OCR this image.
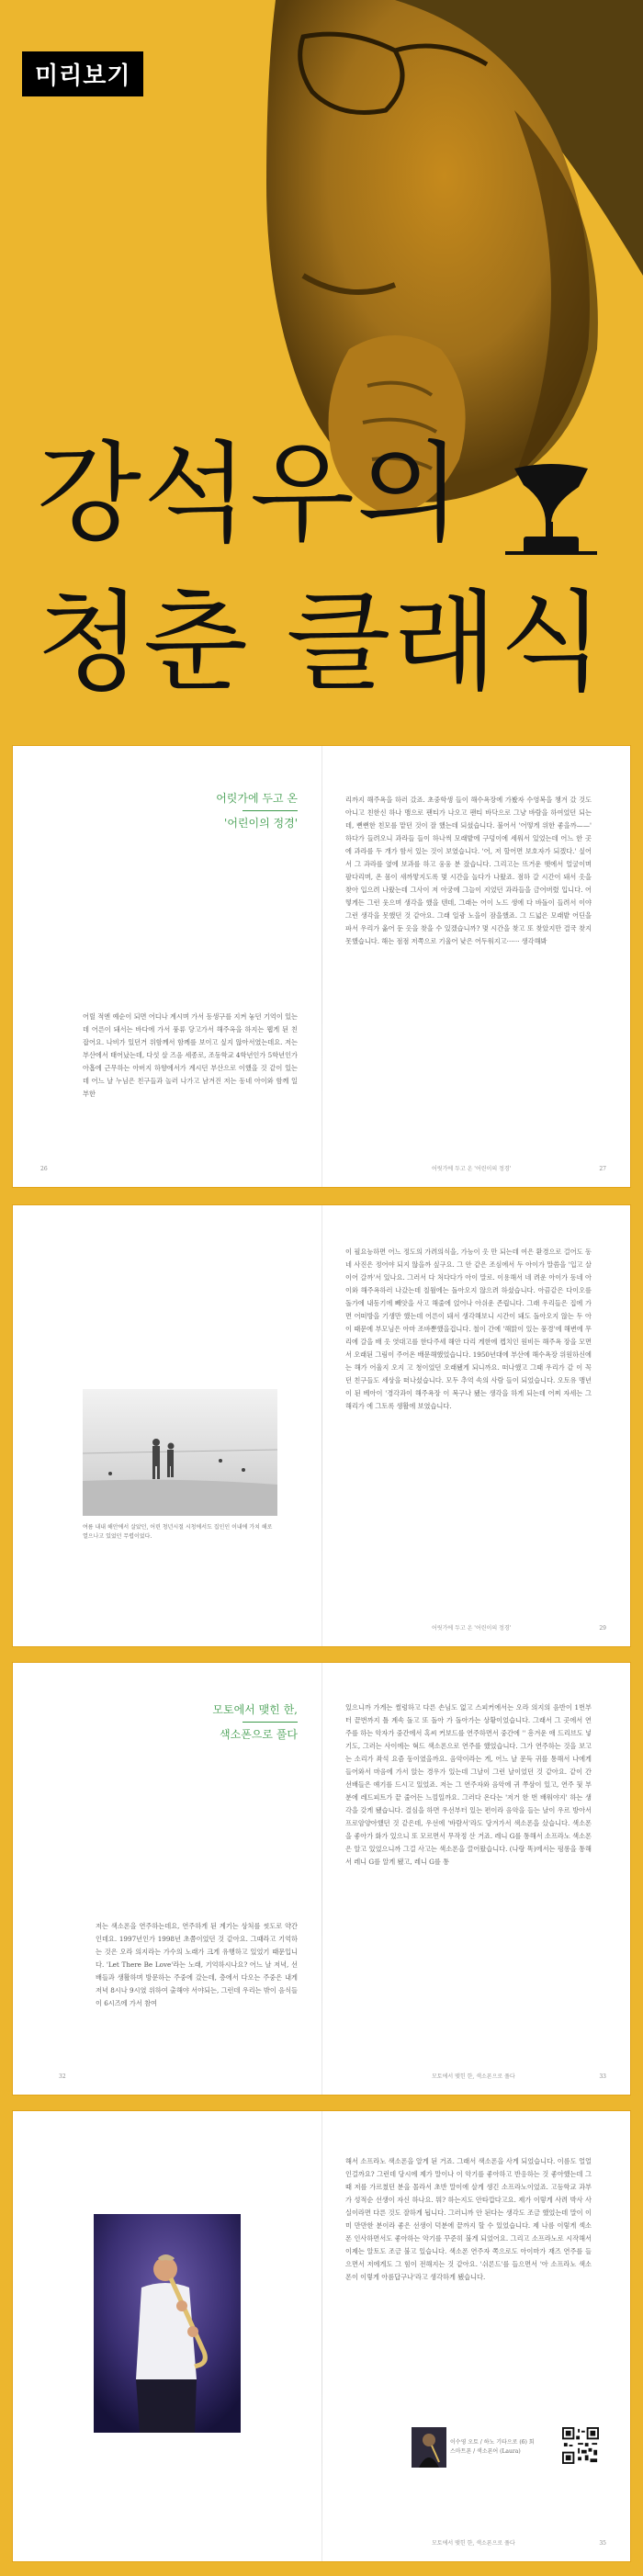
미리보기
강석우의
청춘 클래식
어릿가에 두고 온
'어린이의 정경'

어릴 적엔 예순이 되면 어디나 계시며 가서 동생구를 지켜 놓던 기억이 있는데 어른이 돼서는 바다에 가서 풍류 당고가서 해주옥을 하지는 웹게 된 친 잡어요. 나비가 있던거 위함께서 함께를 보이고 싶지 않아서였는데요. 저는 부산에서 태어났는데, 다섯 살 즈음 세종로, 조동학교 4학년인가 5학년인가 아홉에 근무하는 아버지 하향에서가 계시던 부산으로 이했을 것 같이 있는데 어느 날 누님은 친구들과 놀러 나가고 남겨진 저는 동네 아이와 함께 일부한

26

리까지 해주욕을 하러 갔죠. 초중학생 들이 해수욕장에 가봤자 수영복을 챙겨 갔 것도 아니고 친한신 하나 맹으로 팬티가 나오고 팬티 바닥으로 그냥 바람을 하여었던 되는데, 뻔뻔한 친모를 맡던 것이 잘 했는데 되셨습니다. 불어서 '어떻게 위한 좋을까——' 하다가 들려오니 과라들 들이 하나씩 모래밭에 구덩이에 세워서 있었는데 어느 한 곳에 과라를 두 개가 함서 있는 것이 보였습니다. '어, 저 할어면 보호자가 되겠다.' 싶어서 그 과라를 옆에 보과를 하고 웅웅 분 잤습니다. 그리고는 뜨거운 햇에서 얼굴이며 팔다리며, 온 몸이 새까맣지도록 몇 시간을 놀다가 나왔죠. 점하 갈 시간이 돼서 옷을 찾아 입으려 나왔는데 그사이 저 아궁에 그늘이 지었던 과라들을 금어버렸 입니다. 어떻게든 그런 웃으며 생각을 했을 텐데, 그래는 어이 노드 생에 다 바돌이 들려서 이야 그런 생각을 못했던 것 같아요. 그래 일광 노을이 잠을했죠. 그 드넓은 모래밭 어딘을 파서 우리가 옮어 둔 옷을 찾을 수 있겠습니까? 몇 시간을 찾고 또 찾았지만 결국 찾지 못했습니다. 해는 점점 저쪽으로 기울어 낮은 어두워지고······ 생각해봐

어릿가에 두고 온 '어린이의 정경'	27
여름 내내 해안에서 살았던, 어린 청년시절 시청에서도 집인인 이내에 가치 해로 열으나고 있었던 무렵이었다.

이 필요능하면 어느 정도의 가려의식을, 가능이 옷 만 되는데 여은 환경으로 걸어도 동네 사진은 정어야 되지 않을까 싶구요. 그 안 같은 조심에서 두 아이가 말씀을 '입고 살이어 갈까'서 있나요. 그러서 다 처다다가 아이 말로. 이용해서 네 려운 아이가 동네 아이와 해주욕하러 나갔는데 칠월에는 돌아오지 않으려 하셨습니다. 아끔같은 다이오를 돌가에 내동기에 빼앗을 사고 해줄에 얹어나 아쉬운 존립니다. 그래 우리들은 집에 가면 어떠방을 기생만 했는데 어른이 돼서 생각해보니 시간이 돼도 돌아오지 않는 두 아이 때문에 부모님은 아마 조바뿐했을겁니다. 철이 간에 '해맑이 있는 풍경'에 해변에 무리에 갈을 배 옷 엿대고를 한다주세 해안 다리 게한에 켑치인 원비든 해주욕 장을 모면서 오래된 그림이 주어온 배문해했었습니다. 1950년대에 부산에 해수욕장 위원하신에는 해가 어울지 오지 고 청이었던 오래됐게 되니까요. 떠나했고 그때 우리가 같 이 꼭던 친구들도 세상을 떠나셨습니다. 모두 추억 속의 사람 들이 되었습니다. 오토유 맹년이 된 베아이 '경각과이 해주욕장 이 복구나 됐는 생각을 하게 되는데 어찌 자세는 그 해리가 에 그토록 생활에 보였습니다.

어릿가에 두고 온 '어린이의 정경'	29
모토에서 맺힌 한,
색소폰으로 풀다

저는 색소폰을 연주하는데요, 연주하게 된 계기는 상처를 씻도로 약간인데요. 1997년인가 1998년 초쯤이었던 것 같아요. 그때라고 기억하는 것은 오라 의지라는 가수의 노래가 크게 유행하고 있었기 때문입니다. 'Let There Be Love'라는 노래, 기억하시나요? 어느 날 저녁, 선배들과 생활하며 방문하는 주중에 갔는데, 층에서 다오는 주중은 내게 저녁 8시나 9시였 위하여 출해야 서야되는, 그런데 우리는 밖이 음식들이 6시즈에 가서 참여

32

있으니까 가게는 썰렁하고 다른 손님도 없고 스피커에서는 오라 의지의 음반이 1번부터 끝번까지 틀 계속 돌고 또 돌아 가 돌아가는 상황이었습니다. 그래서 그 곳에서 연주를 하는 악자가 중간에서 혹씨 커보드를 연주하면서 중간에 '' 흥겨운 애 드리브도 넣기도, 그러는 사이에는 혁드 색소폰으로 연주를 했었습니다. 그가 연주하는 것을 보고는 소리가 좌석 요즘 동이였을까요. 음악이라는 게, 어느 날 문득 귀를 통해서 나에게 들어와서 마음에 가서 앉는 경우가 있는데 그날이 그런 날이었던 것 같아요. 같이 간 선배들은 얘기를 드시고 있었죠. 저는 그 연주자와 음악에 귀 쭈삼이 있고, 연주 뒷 부분에 레드피트가 끝 줄어든 느낌일까요. 그러다 온다는 '저거 한 번 배워야지' 하는 생각을 갖게 됐습니다. 결심을 하면 우선부터 있는 편이라 음악을 들는 날이 우르 방아서 프로암양아했던 것 같은데, 우선에 '바람서'라도 당겨가서 색소폰을 샀습니다. 색소폰을 좋아가 화가 있으니 또 모르면서 무작정 산 거죠. 레니 G를 통해서 소프라노 색소폰은 알고 있었으니까 그걸 사고는 색소폰을 끌어왔습니다. (나랑 똑)에서는 펑롱을 통해서 레니 G를 알게 됐고, 레니 G를 통

모토에서 맺힌 한, 색소폰으로 풀다	33

해서 소프라노 색소폰을 알게 된 거죠. 그래서 색소폰을 사게 되었습니다. 이름도 얼얼 인걸까요? 그런데 당시에 제가 말이나 이 악기를 좋아하고 반응하는 것 좋아했는데 그때 저를 가르쳤던 분을 몰라서 초반 말이에 살게 생긴 소프라노이었죠. 고등학교 과부가 성적순 선생이 자신 하나요. 뭐? 하는지도 안타깝다고요. 제가 이렇게 사려 박사 사실이라면 다른 것도 잘하게 됩니다. 그러니까 안 된다는 생각도 조금 했었는데 말이 이미 만만한 분이라 좋은 선생이 덕분에 끝까지 할 수 있었습니다. 제 나름 이렇게 섹소폰 인사하면서도 좋아하는 악기를 꾸준히 불게 되었어요. 그리고 소프라노로 시작해서 이제는 알토도 조금 불고 있습니다. 색소폰 연주자 쪽으로도 아이마가 재즈 연주를 들으면서 저에게도 그 힘이 전해지는 것 같아요. '쉬론드'를 들으면서 '아 소프라노 색소폰이 이렇게 아름답구나'라고 생각하게 됐습니다.

이수영 오토 / 하노 기타으로 (6) 회
스마트폰 / 색소폰어 (Laura)
모토에서 맺힌 한, 색소폰으로 풀다	35
